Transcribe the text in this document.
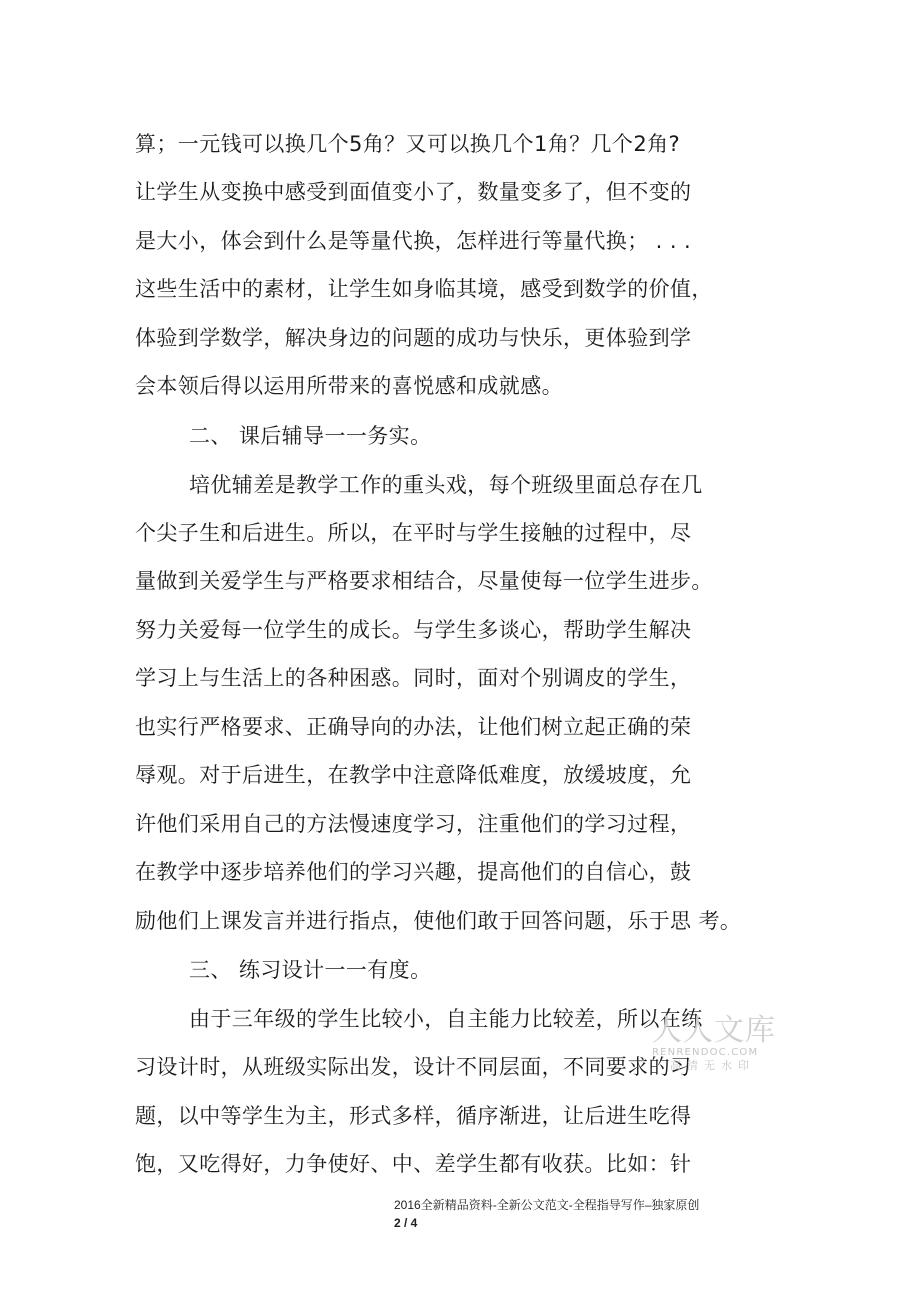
算；一元钱可以换几个5角？又可以换几个1角？几个2角?
让学生从变换中感受到面值变小了，数量变多了，但不变的
是大小，体会到什么是等量代换，怎样进行等量代换； . . .
这些生活中的素材，让学生如身临其境，感受到数学的价值，
体验到学数学，解决身边的问题的成功与快乐，更体验到学
会本领后得以运用所带来的喜悦感和成就感。
二、 课后辅导一一务实。
培优辅差是教学工作的重头戏，每个班级里面总存在几
个尖子生和后进生。所以，在平时与学生接触的过程中，尽
量做到关爱学生与严格要求相结合，尽量使每一位学生进步。
努力关爱每一位学生的成长。与学生多谈心，帮助学生解决
学习上与生活上的各种困惑。同时，面对个别调皮的学生，
也实行严格要求、正确导向的办法，让他们树立起正确的荣
辱观。对于后进生，在教学中注意降低难度，放缓坡度，允
许他们采用自己的方法慢速度学习，注重他们的学习过程，
在教学中逐步培养他们的学习兴趣，提高他们的自信心，鼓
励他们上课发言并进行指点，使他们敢于回答问题，乐于思 考。
三、 练习设计一一有度。
由于三年级的学生比较小，自主能力比较差，所以在练
习设计时，从班级实际出发，设计不同层面，不同要求的习
题，以中等学生为主，形式多样，循序渐进，让后进生吃得
饱，又吃得好，力争使好、中、差学生都有收获。比如：针
人人文库
RENRENDOC.COM
高清无水印
2016全新精品资料-全新公文范文-全程指导写作–独家原创
2 / 4
